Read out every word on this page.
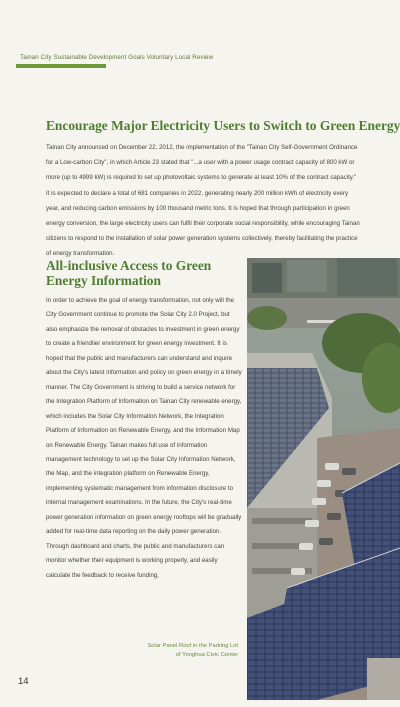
Tainan City Sustainable Development Goals Voluntary Local Review
Encourage Major Electricity Users to Switch to Green Energy

Tainan City announced on December 22, 2012, the implementation of the "Tainan City Self-Government Ordinance for a Low-carbon City", in which Article 23 stated that "...a user with a power usage contract capacity of 800 kW or more (up to 4999 kW) is required to set up photovoltaic systems to generate at least 10% of the contract capacity." It is expected to declare a total of 681 companies in 2022, generating nearly 200 million kWh of electricity every year, and reducing carbon emissions by 100 thousand metric tons. It is hoped that through participation in green energy conversion, the large electricity users can fulfil their corporate social responsibility, while encouraging Tainan citizens to respond to the installation of solar power generation systems collectively, thereby facilitating the practice of energy transformation.

All-inclusive Access to Green Energy Information

In order to achieve the goal of energy transformation, not only will the City Government continue to promote the Solar City 2.0 Project, but also emphasize the removal of obstacles to investment in green energy to create a friendlier environment for green energy investment. It is hoped that the public and manufacturers can understand and inquire about the City's latest information and policy on green energy in a timely manner. The City Government is striving to build a service network for the Integration Platform of Information on Tainan City renewable energy, which includes the Solar City Information Network, the Integration Platform of Information on Renewable Energy, and the Information Map on Renewable Energy. Tainan makes full use of information management technology to set up the Solar City Information Network, the Map, and the integration platform on Renewable Energy, implementing systematic management from information disclosure to internal management examinations. In the future, the City's real-time power generation information on green energy rooftops will be gradually added for real-time data reporting on the daily power generation. Through dashboard and charts, the public and manufacturers can monitor whether their equipment is working properly, and easily calculate the feedback to receive funding.

Solar Panel Roof in the Parking Lot
of Yonghua Civic Center
14
